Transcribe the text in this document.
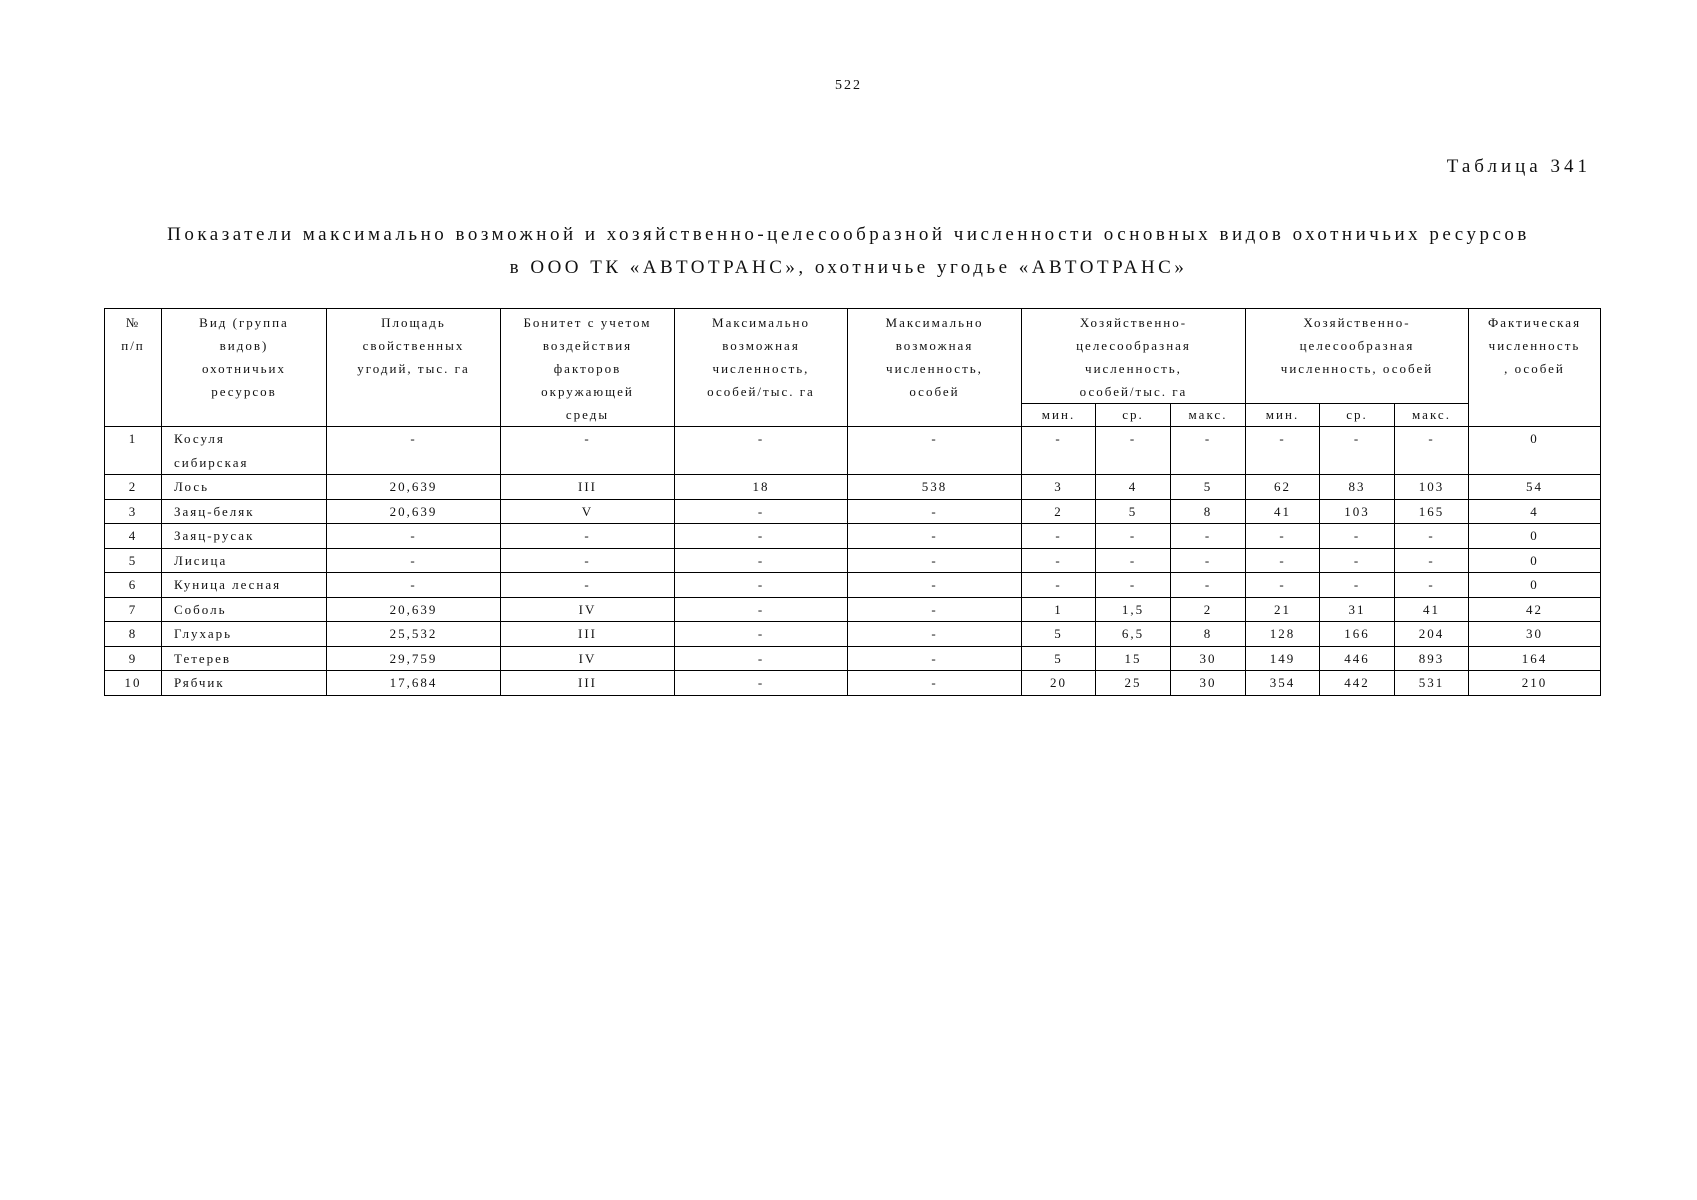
522
Таблица 341
Показатели максимально возможной и хозяйственно-целесообразной численности основных видов охотничьих ресурсов
в ООО ТК «АВТОТРАНС», охотничье угодье «АВТОТРАНС»
№
п/п	Вид (группа
видов)
охотничьих
ресурсов	Площадь
свойственных
угодий, тыс. га	Бонитет с учетом
воздействия
факторов
окружающей
среды	Максимально
возможная
численность,
особей/тыс. га	Максимально
возможная
численность,
особей	Хозяйственно-
целесообразная
численность,
особей/тыс. га			Хозяйственно-
целесообразная
численность, особей			Фактическая
численность
, особей
						мин.	ср.	макс.	мин.	ср.	макс.	
1	Косуля
сибирская	-	-	-	-	-	-	-	-	-	-	0
2	Лось	20,639	III	18	538	3	4	5	62	83	103	54
3	Заяц-беляк	20,639	V	-	-	2	5	8	41	103	165	4
4	Заяц-русак	-	-	-	-	-	-	-	-	-	-	0
5	Лисица	-	-	-	-	-	-	-	-	-	-	0
6	Куница лесная	-	-	-	-	-	-	-	-	-	-	0
7	Соболь	20,639	IV	-	-	1	1,5	2	21	31	41	42
8	Глухарь	25,532	III	-	-	5	6,5	8	128	166	204	30
9	Тетерев	29,759	IV	-	-	5	15	30	149	446	893	164
10	Рябчик	17,684	III	-	-	20	25	30	354	442	531	210
